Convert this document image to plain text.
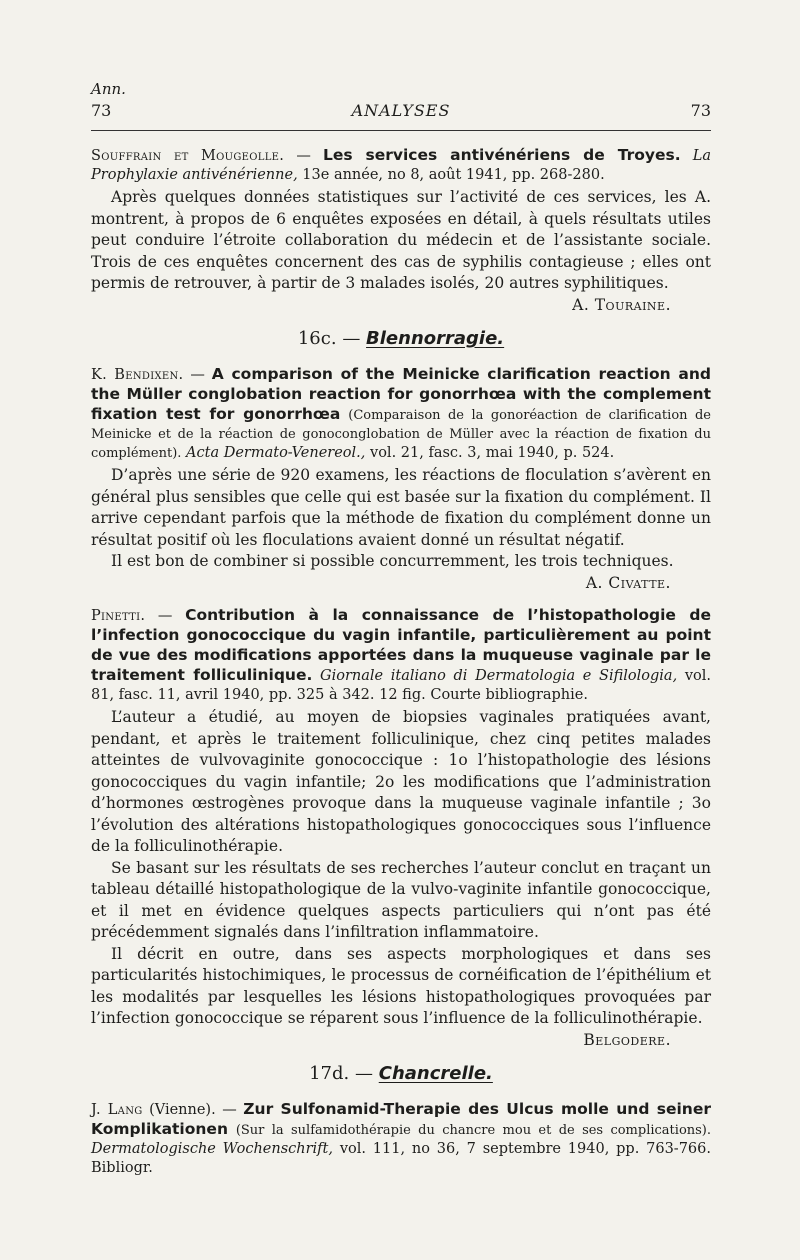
Ann.
73	ANALYSES	73
Souffrain et Mougeolle. — Les services antivénériens de Troyes. La Prophylaxie antivénérienne, 13e année, no 8, août 1941, pp. 268-280.

Après quelques données statistiques sur l’activité de ces services, les A. montrent, à propos de 6 enquêtes exposées en détail, à quels résultats utiles peut conduire l’étroite collaboration du médecin et de l’assistante sociale. Trois de ces enquêtes concernent des cas de syphilis contagieuse ; elles ont permis de retrouver, à partir de 3 malades isolés, 20 autres syphilitiques.
A. Touraine.

16c. — Blennorragie.
K. Bendixen. — A comparison of the Meinicke clarification reaction and the Müller conglobation reaction for gonorrhœa with the complement fixation test for gonorrhœa (Comparaison de la gonoréaction de clarification de Meinicke et de la réaction de gonoconglobation de Müller avec la réaction de fixation du complément). Acta Dermato-Venereol., vol. 21, fasc. 3, mai 1940, p. 524.

D’après une série de 920 examens, les réactions de floculation s’avèrent en général plus sensibles que celle qui est basée sur la fixation du complément. Il arrive cependant parfois que la méthode de fixation du complément donne un résultat positif où les floculations avaient donné un résultat négatif.

Il est bon de combiner si possible concurremment, les trois techniques.
A. Civatte.

Pinetti. — Contribution à la connaissance de l’histopathologie de l’infection gonococcique du vagin infantile, particulièrement au point de vue des modifications apportées dans la muqueuse vaginale par le traitement folliculinique. Giornale italiano di Dermatologia e Sifilologia, vol. 81, fasc. 11, avril 1940, pp. 325 à 342. 12 fig. Courte bibliographie.

L’auteur a étudié, au moyen de biopsies vaginales pratiquées avant, pendant, et après le traitement folliculinique, chez cinq petites malades atteintes de vulvovaginite gonococcique : 1o l’histopathologie des lésions gonococciques du vagin infantile; 2o les modifications que l’administration d’hormones œstrogènes provoque dans la muqueuse vaginale infantile ; 3o l’évolution des altérations histopathologiques gonococciques sous l’influence de la folliculinothérapie.

Se basant sur les résultats de ses recherches l’auteur conclut en traçant un tableau détaillé histopathologique de la vulvo-vaginite infantile gonococcique, et il met en évidence quelques aspects particuliers qui n’ont pas été précédemment signalés dans l’infiltration inflammatoire.

Il décrit en outre, dans ses aspects morphologiques et dans ses particularités histochimiques, le processus de cornéification de l’épithélium et les modalités par lesquelles les lésions histopathologiques provoquées par l’infection gonococcique se réparent sous l’influence de la folliculinothérapie.
Belgodere.

17d. — Chancrelle.
J. Lang (Vienne). — Zur Sulfonamid-Therapie des Ulcus molle und seiner Komplikationen (Sur la sulfamidothérapie du chancre mou et de ses complications). Dermatologische Wochenschrift, vol. 111, no 36, 7 septembre 1940, pp. 763-766. Bibliogr.
